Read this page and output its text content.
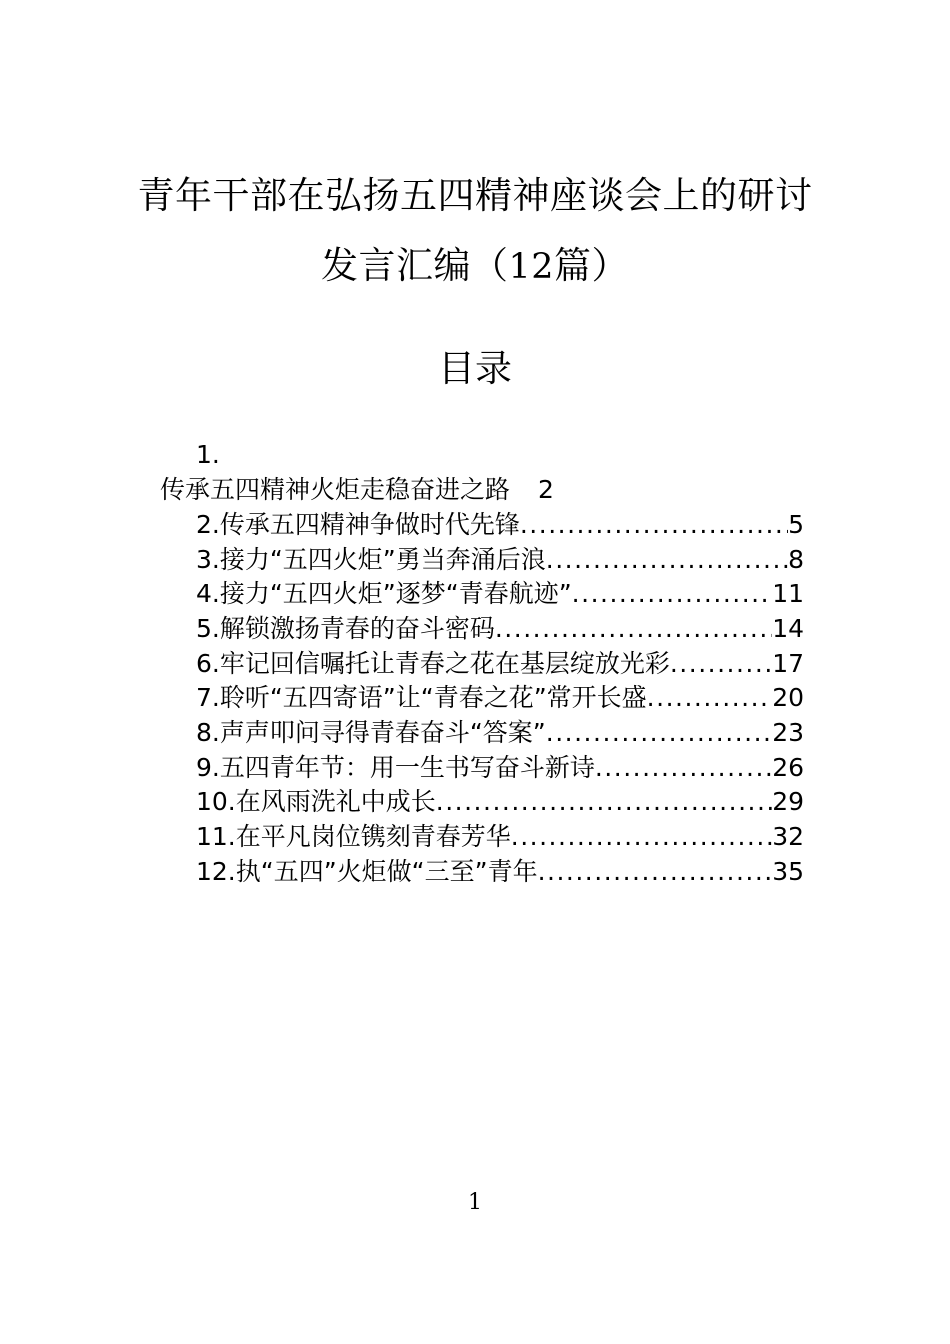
青年干部在弘扬五四精神座谈会上的研讨
发言汇编（12篇）
目录
1.
传承五四精神火炬走稳奋进之路 2
2.传承五四精神争做时代先锋 .....	5
3.接力“五四火炬”勇当奔涌后浪 .....	8
4.接力“五四火炬”逐梦“青春航迹” .....	11
5.解锁激扬青春的奋斗密码 .....	14
6.牢记回信嘱托让青春之花在基层绽放光彩 .....	17
7.聆听“五四寄语”让“青春之花”常开长盛 .....	20
8.声声叩问寻得青春奋斗“答案” .....	23
9.五四青年节：用一生书写奋斗新诗 .....	26
10.在风雨洗礼中成长 .....	29
11.在平凡岗位镌刻青春芳华 .....	32
12.执“五四”火炬做“三至”青年 .....	35
1
